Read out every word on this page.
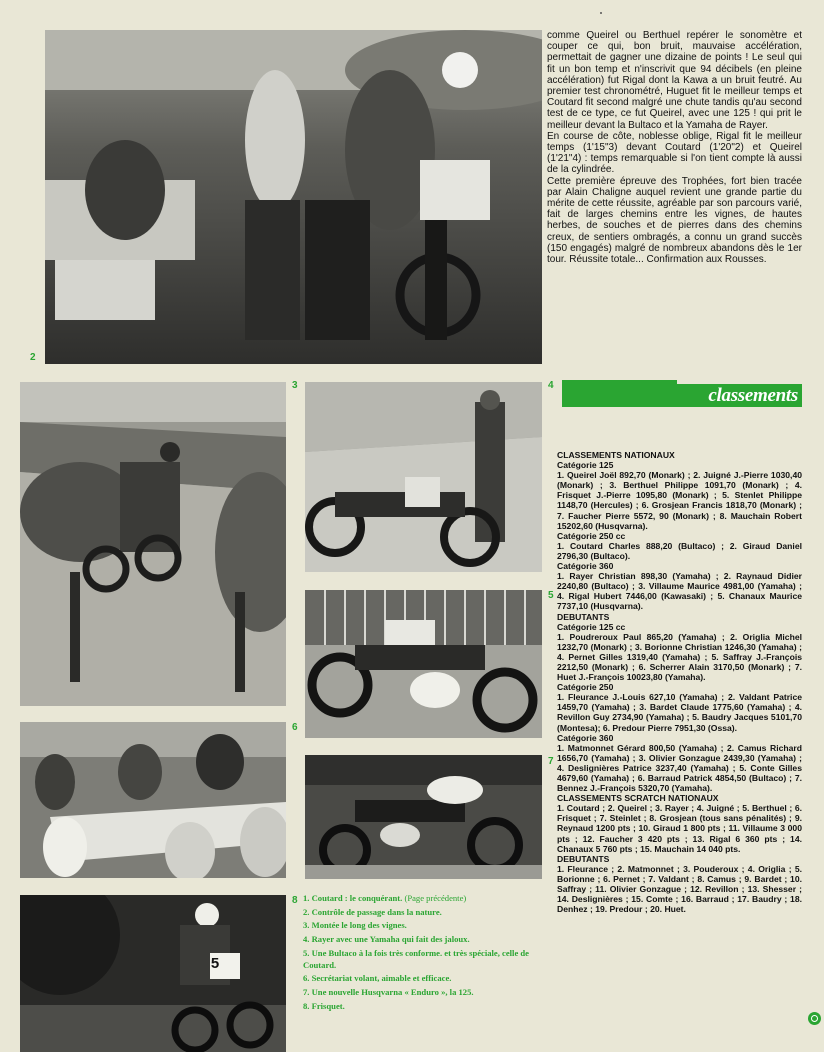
2

comme Queirel ou Berthuel repérer le sonomètre et couper ce qui, bon bruit, mauvaise accélération, permettait de gagner une dizaine de points ! Le seul qui fit un bon temp et n'inscrivit que 94 décibels (en pleine accélération) fut Rigal dont la Kawa a un bruit feutré. Au premier test chronométré, Huguet fit le meilleur temps et Coutard fit second malgré une chute tandis qu'au second test de ce type, ce fut Queirel, avec une 125 ! qui prit le meilleur devant la Bultaco et la Yamaha de Rayer.

En course de côte, noblesse oblige, Rigal fit le meilleur temps (1'15"3) devant Coutard (1'20"2) et Queirel (1'21"4) : temps remarquable si l'on tient compte là aussi de la cylindrée.

Cette première épreuve des Trophées, fort bien tracée par Alain Chaligne auquel revient une grande partie du mérite de cette réussite, agréable par son parcours varié, fait de larges chemins entre les vignes, de hautes herbes, de souches et de pierres dans des chemins creux, de sentiers ombragés, a connu un grand succès (150 engagés) malgré de nombreux abandons dès le 1er tour. Réussite totale... Confirmation aux Rousses.

3	4	classements
5
6
7
5
8 1. Coutard : le conquérant. (Page précédente)

2. Contrôle de passage dans la nature.

3. Montée le long des vignes.

4. Rayer avec une Yamaha qui fait des jaloux.

5. Une Bultaco à la fois très conforme. et très spéciale, celle de Coutard.

6. Secrétariat volant, aimable et efficace.

7. Une nouvelle Husqvarna « Enduro », la 125.

8. Frisquet.

CLASSEMENTS NATIONAUX

Catégorie 125

1. Queirel Joël 892,70 (Monark) ; 2. Juigné J.-Pierre 1030,40 (Monark) ; 3. Berthuel Philippe 1091,70 (Monark) ; 4. Frisquet J.-Pierre 1095,80 (Monark) ; 5. Stenlet Philippe 1148,70 (Hercules) ; 6. Grosjean Francis 1818,70 (Monark) ; 7. Faucher Pierre 5572, 90 (Monark) ; 8. Mauchain Robert 15202,60 (Husqvarna).

Catégorie 250 cc

1. Coutard Charles 888,20 (Bultaco) ; 2. Giraud Daniel 2796,30 (Bultaco).

Catégorie 360

1. Rayer Christian 898,30 (Yamaha) ; 2. Raynaud Didier 2240,80 (Bultaco) ; 3. Villaume Maurice 4981,00 (Yamaha) ; 4. Rigal Hubert 7446,00 (Kawasaki) ; 5. Chanaux Maurice 7737,10 (Husqvarna).

DEBUTANTS

Catégorie 125 cc

1. Poudreroux Paul 865,20 (Yamaha) ; 2. Origlia Michel 1232,70 (Monark) ; 3. Borionne Christian 1246,30 (Yamaha) ; 4. Pernet Gilles 1319,40 (Yamaha) ; 5. Saffray J.-François 2212,50 (Monark) ; 6. Scherrer Alain 3170,50 (Monark) ; 7. Huet J.-François 10023,80 (Yamaha).

Catégorie 250

1. Fleurance J.-Louis 627,10 (Yamaha) ; 2. Valdant Patrice 1459,70 (Yamaha) ; 3. Bardet Claude 1775,60 (Yamaha) ; 4. Revillon Guy 2734,90 (Yamaha) ; 5. Baudry Jacques 5101,70 (Montesa); 6. Predour Pierre 7951,30 (Ossa).

Catégorie 360

1. Matmonnet Gérard 800,50 (Yamaha) ; 2. Camus Richard 1656,70 (Yamaha) ; 3. Olivier Gonzague 2439,30 (Yamaha) ; 4. Deslignières Patrice 3237,40 (Yamaha) ; 5. Conte Gilles 4679,60 (Yamaha) ; 6. Barraud Patrick 4854,50 (Bultaco) ; 7. Bennez J.-François 5320,70 (Yamaha).

CLASSEMENTS SCRATCH NATIONAUX

1. Coutard ; 2. Queirel ; 3. Rayer ; 4. Juigné ; 5. Berthuel ; 6. Frisquet ; 7. Steinlet ; 8. Grosjean (tous sans pénalités) ; 9. Reynaud 1200 pts ; 10. Giraud 1 800 pts ; 11. Villaume 3 000 pts ; 12. Faucher 3 420 pts ; 13. Rigal 6 360 pts ; 14. Chanaux 5 760 pts ; 15. Mauchain 14 040 pts.

DEBUTANTS

1. Fleurance ; 2. Matmonnet ; 3. Pouderoux ; 4. Origlia ; 5. Borionne ; 6. Pernet ; 7. Valdant ; 8. Camus ; 9. Bardet ; 10. Saffray ; 11. Olivier Gonzague ; 12. Revillon ; 13. Shesser ; 14. Deslignières ; 15. Comte ; 16. Barraud ; 17. Baudry ; 18. Denhez ; 19. Predour ; 20. Huet.
